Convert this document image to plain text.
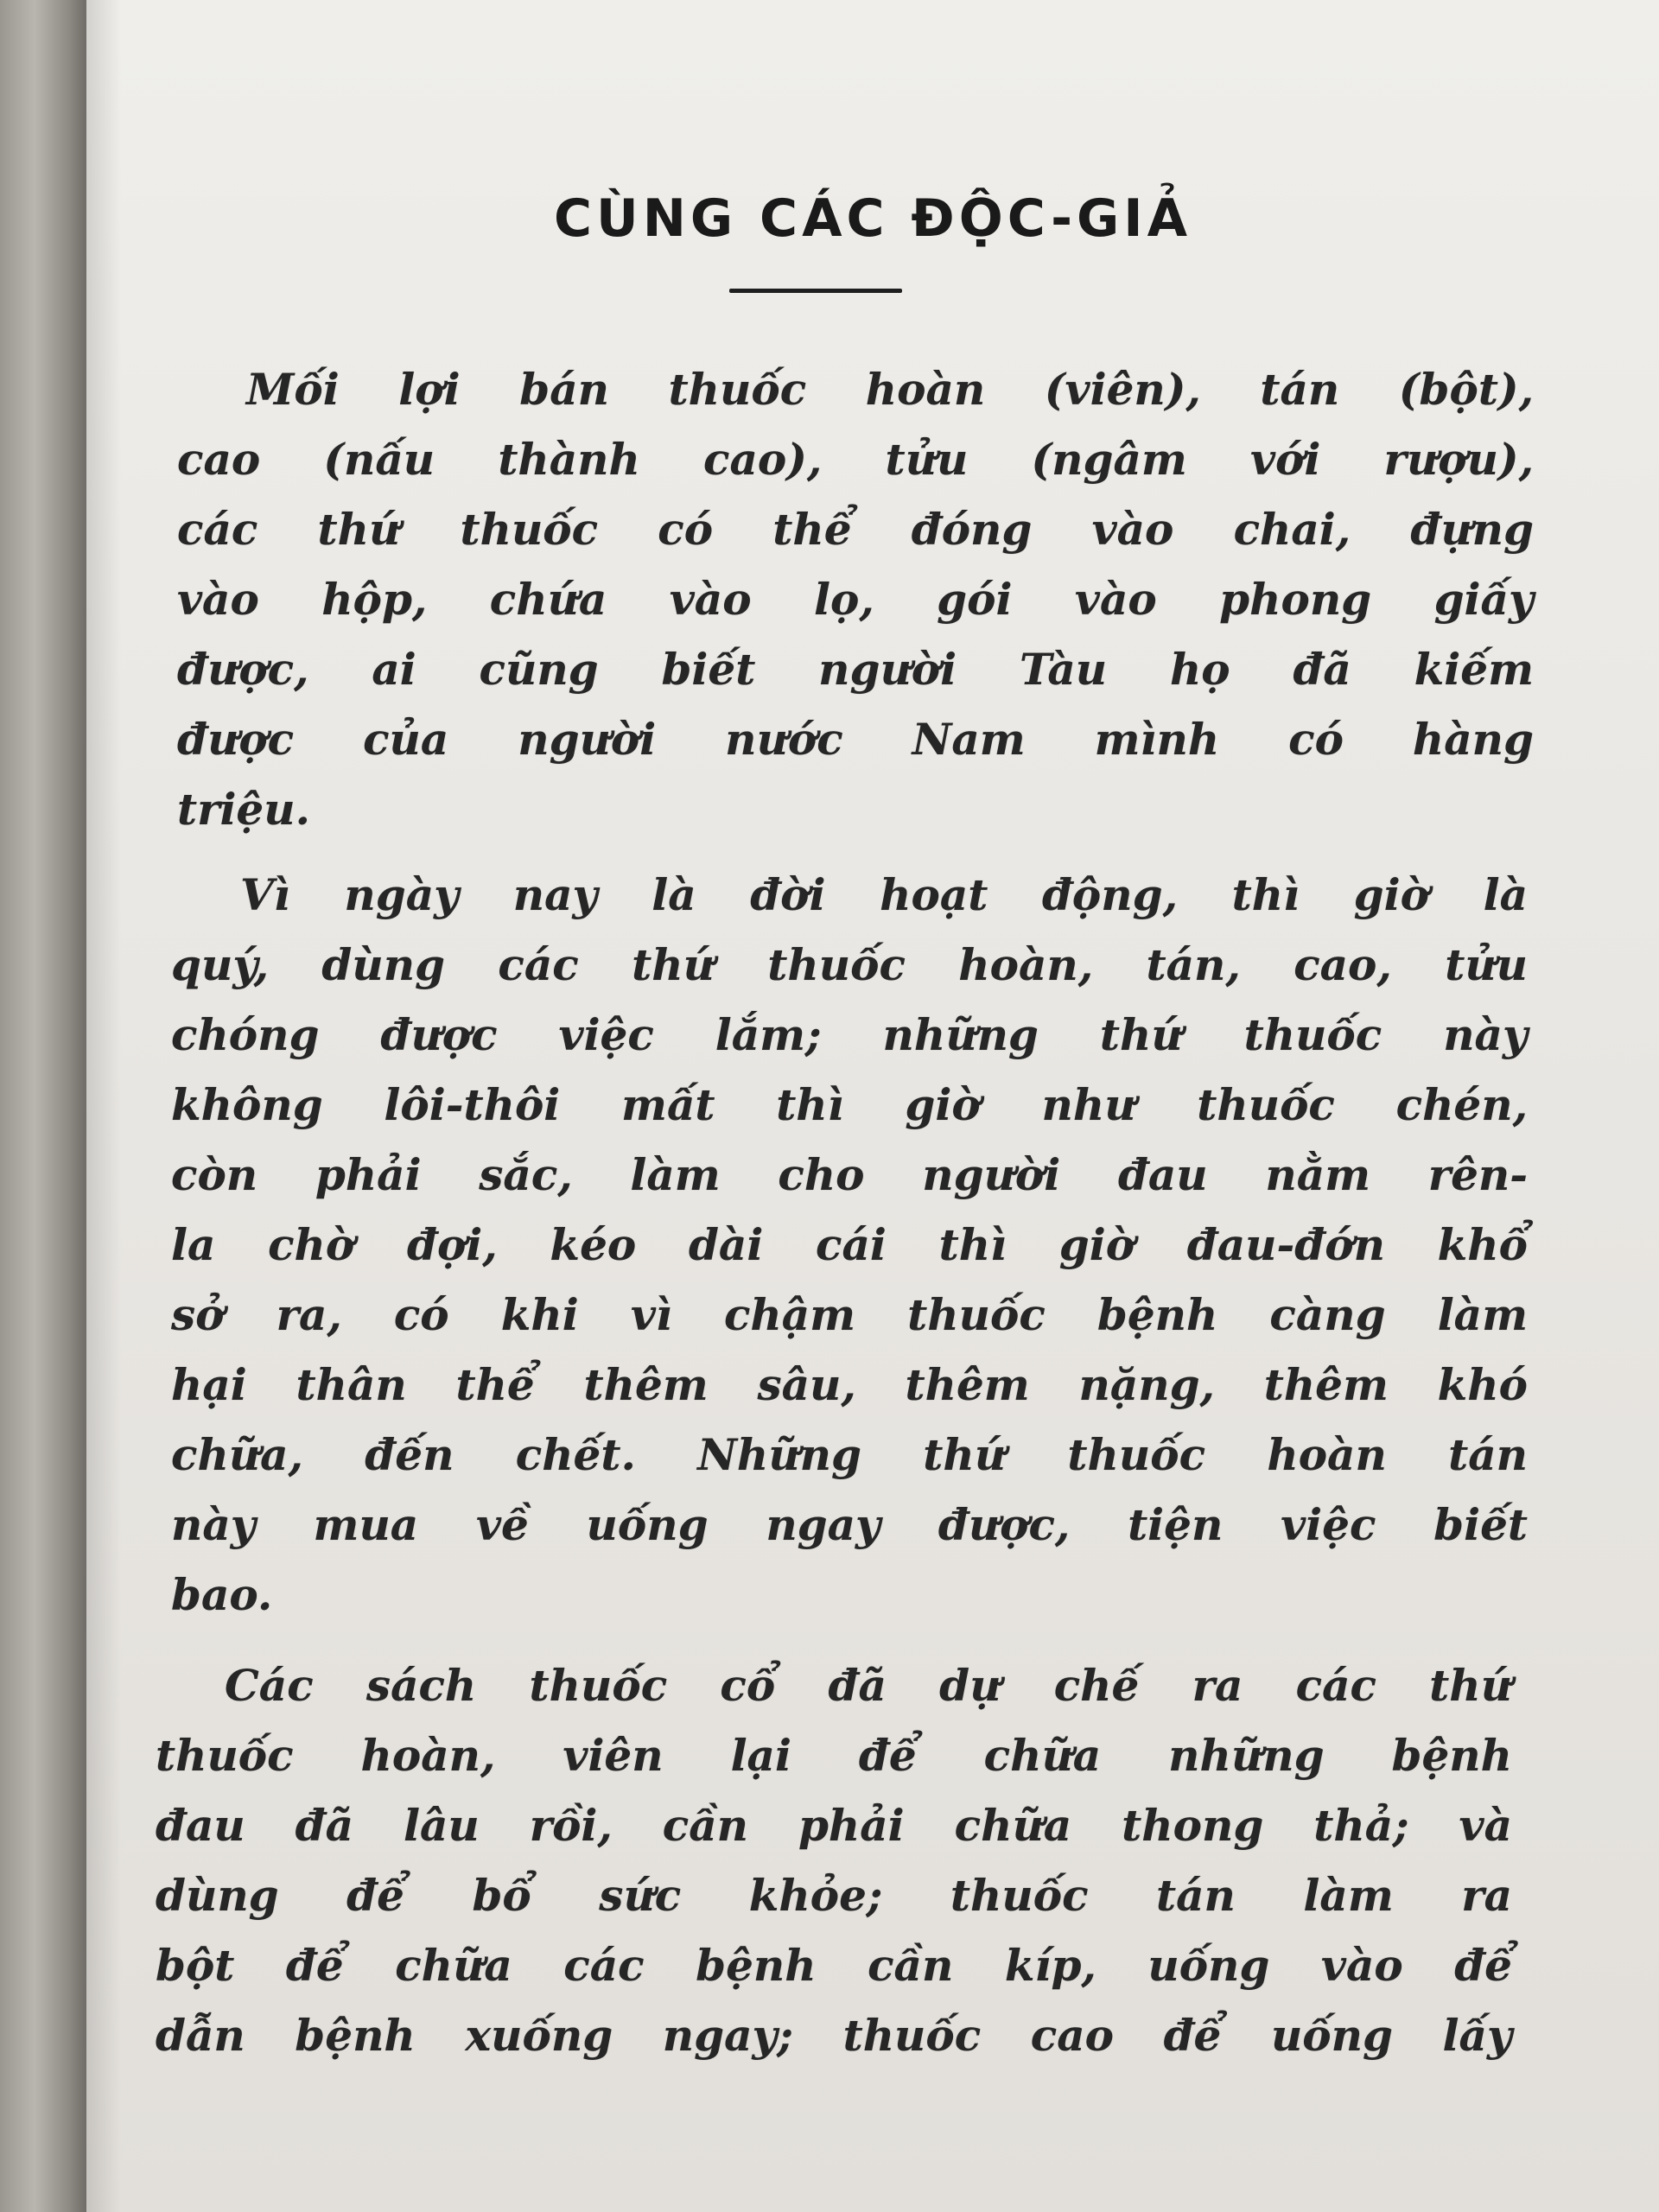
CÙNG CÁC ĐỘC-GIẢ
Mối lợi bán thuốc hoàn (viên), tán (bột),
cao (nấu thành cao), tửu (ngâm với rượu),
các thứ thuốc có thể đóng vào chai, đựng
vào hộp, chứa vào lọ, gói vào phong giấy
được, ai cũng biết người Tàu họ đã kiếm
được của người nước Nam mình có hàng
triệu.
Vì ngày nay là đời hoạt động, thì giờ là
quý, dùng các thứ thuốc hoàn, tán, cao, tửu
chóng được việc lắm; những thứ thuốc này
không lôi-thôi mất thì giờ như thuốc chén,
còn phải sắc, làm cho người đau nằm rên-
la chờ đợi, kéo dài cái thì giờ đau-đớn khổ
sở ra, có khi vì chậm thuốc bệnh càng làm
hại thân thể thêm sâu, thêm nặng, thêm khó
chữa, đến chết. Những thứ thuốc hoàn tán
này mua về uống ngay được, tiện việc biết
bao.
Các sách thuốc cổ đã dự chế ra các thứ
thuốc hoàn, viên lại để chữa những bệnh
đau đã lâu rồi, cần phải chữa thong thả; và
dùng để bổ sức khỏe; thuốc tán làm ra
bột để chữa các bệnh cần kíp, uống vào để
dẫn bệnh xuống ngay; thuốc cao để uống lấy
